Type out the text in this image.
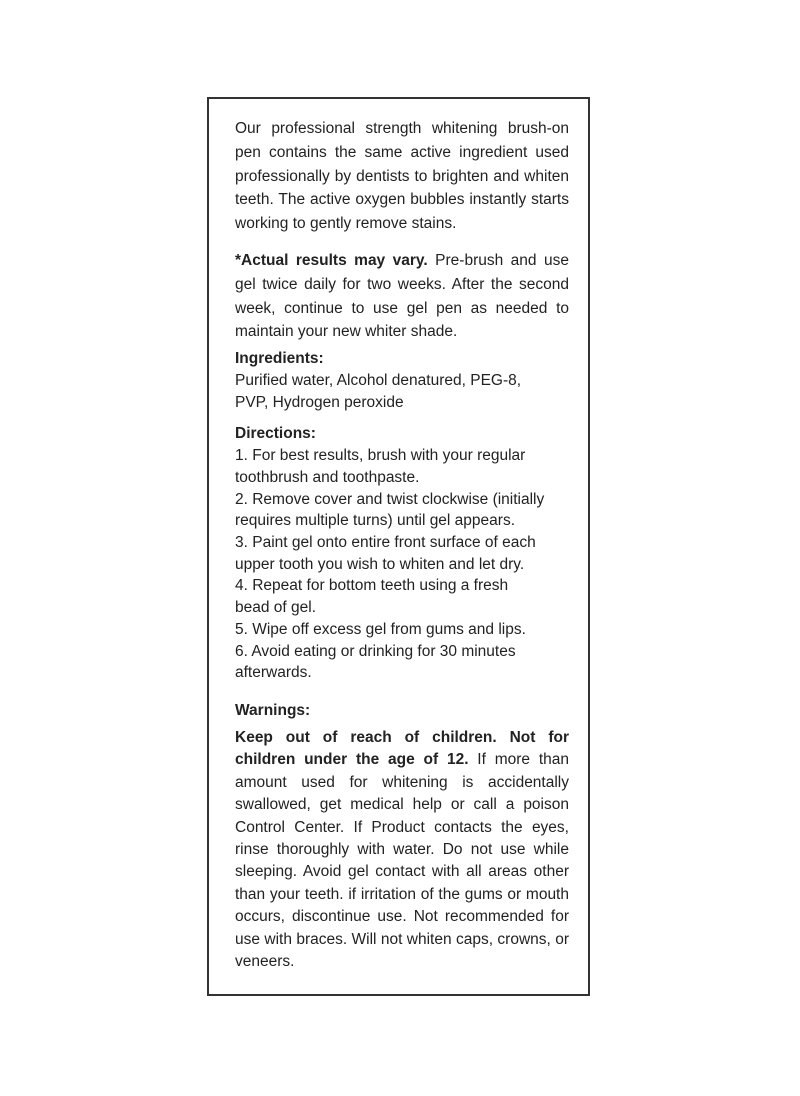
Our professional strength whitening brush-on pen contains the same active ingredient used professionally by dentists to brighten and whiten teeth. The active oxygen bubbles instantly starts working to gently remove stains.

*Actual results may vary. Pre-brush and use gel twice daily for two weeks. After the second week, continue to use gel pen as needed to maintain your new whiter shade.

Ingredients:

Purified water, Alcohol denatured, PEG-8,

PVP, Hydrogen peroxide

Directions:

1. For best results, brush with your regular toothbrush and toothpaste.
2. Remove cover and twist clockwise (initially requires multiple turns) until gel appears.
3. Paint gel onto entire front surface of each upper tooth you wish to whiten and let dry.
4. Repeat for bottom teeth using a fresh bead of gel.
5. Wipe off excess gel from gums and lips.
6. Avoid eating or drinking for 30 minutes afterwards.

Warnings:

Keep out of reach of children. Not for children under the age of 12. If more than amount used for whitening is accidentally swallowed, get medical help or call a poison Control Center. If Product contacts the eyes, rinse thoroughly with water. Do not use while sleeping. Avoid gel contact with all areas other than your teeth. if irritation of the gums or mouth occurs, discontinue use. Not recommended for use with braces. Will not whiten caps, crowns, or veneers.
